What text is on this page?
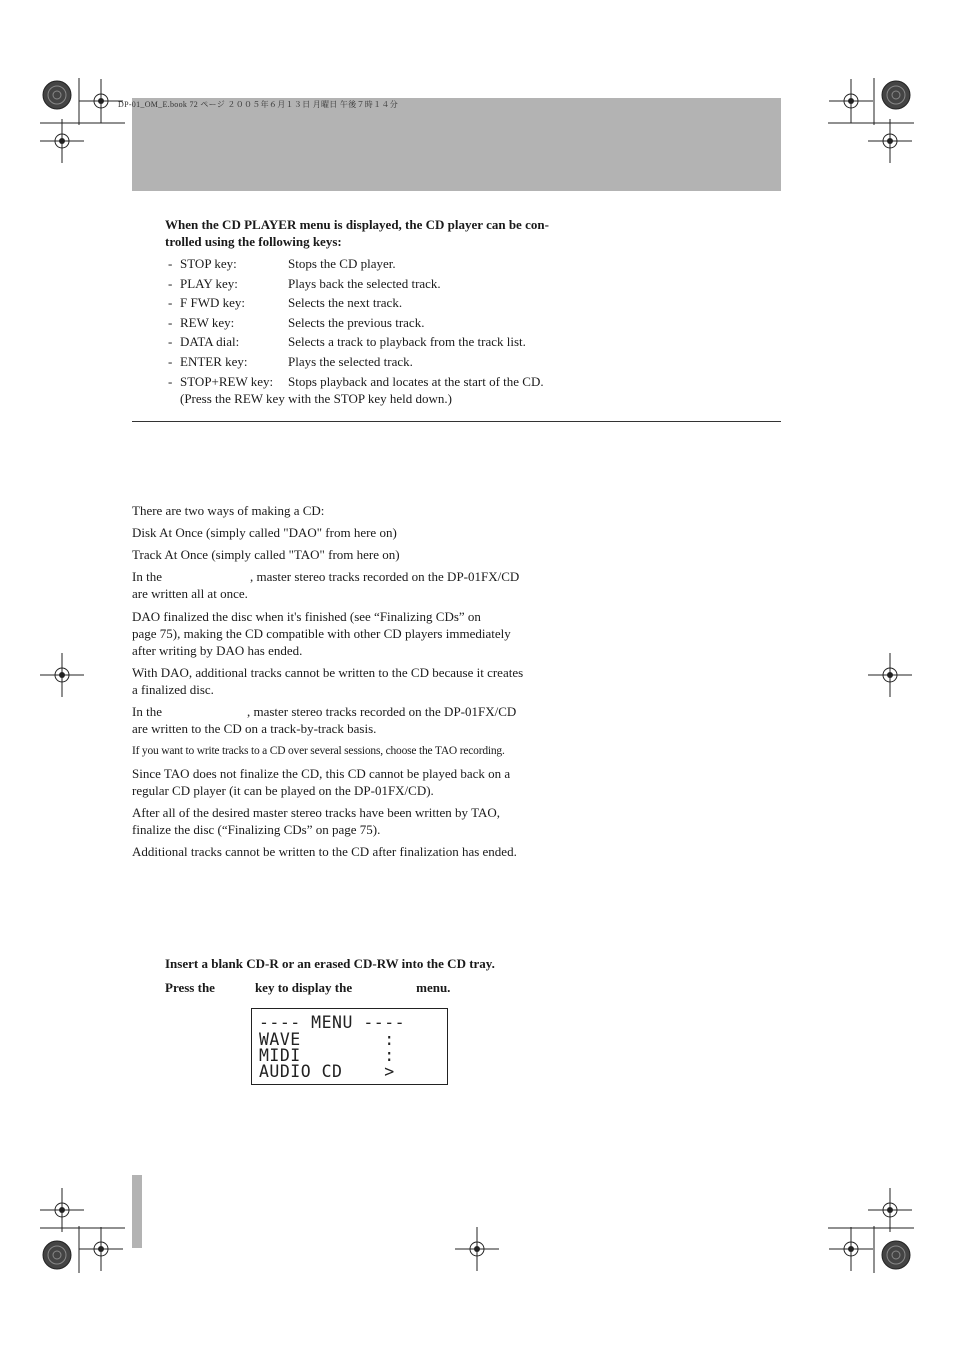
DP-01_OM_E.book 72 ページ ２００５年６月１３日 月曜日 午後７時１４分
When the CD PLAYER menu is displayed, the CD player can be con-
trolled using the following keys:
- STOP key:	Stops the CD player.
- PLAY key:	Plays back the selected track.
- F FWD key:	Selects the next track.
- REW key:	Selects the previous track.
- DATA dial:	Selects a track to playback from the track list.
- ENTER key:	Plays the selected track.
- STOP+REW key: Stops playback and locates at the start of the CD.
(Press the REW key with the STOP key held down.)
There are two ways of making a CD:
Disk At Once (simply called "DAO" from here on)
Track At Once (simply called "TAO" from here on)
In the	, master stereo tracks recorded on the DP-01FX/CD
are written all at once.
DAO finalized the disc when it's finished (see “Finalizing CDs” on
page 75), making the CD compatible with other CD players immediately
after writing by DAO has ended.
With DAO, additional tracks cannot be written to the CD because it creates
a finalized disc.
In the	, master stereo tracks recorded on the DP-01FX/CD
are written to the CD on a track-by-track basis.
If you want to write tracks to a CD over several sessions, choose the TAO recording.
Since TAO does not finalize the CD, this CD cannot be played back on a
regular CD player (it can be played on the DP-01FX/CD).
After all of the desired master stereo tracks have been written by TAO,
finalize the disc (“Finalizing CDs” on page 75).
Additional tracks cannot be written to the CD after finalization has ended.
Insert a blank CD-R or an erased CD-RW into the CD tray.
Press the	key to display the	menu.
---- MENU ----
WAVE        :
MIDI        :
AUDIO CD    >
